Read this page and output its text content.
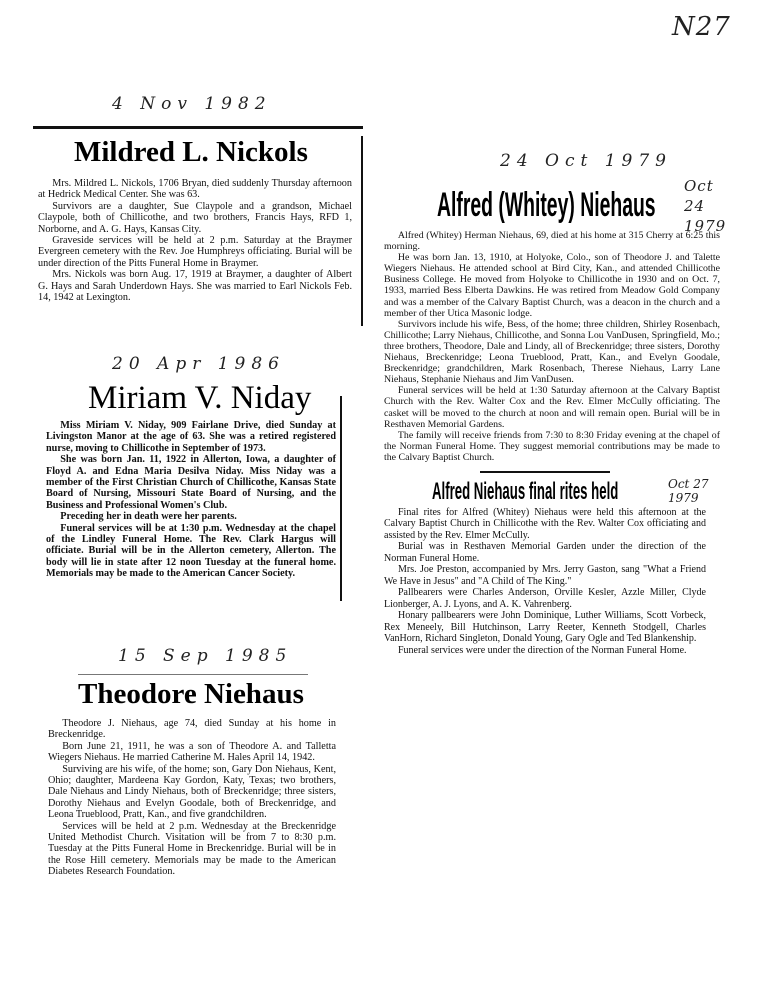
N27
4 Nov 1982
Mildred L. Nickols

Mrs. Mildred L. Nickols, 1706 Bryan, died suddenly Thursday afternoon at Hedrick Medical Center. She was 63.

Survivors are a daughter, Sue Claypole and a grandson, Michael Claypole, both of Chillicothe, and two brothers, Francis Hays, RFD 1, Norborne, and A. G. Hays, Kansas City.

Graveside services will be held at 2 p.m. Saturday at the Braymer Evergreen cemetery with the Rev. Joe Humphreys officiating. Burial will be under direction of the Pitts Funeral Home in Braymer.

Mrs. Nickols was born Aug. 17, 1919 at Braymer, a daughter of Albert G. Hays and Sarah Underdown Hays. She was married to Earl Nickols Feb. 14, 1942 at Lexington.

20 Apr 1986
Miriam V. Niday

Miss Miriam V. Niday, 909 Fairlane Drive, died Sunday at Livingston Manor at the age of 63. She was a retired registered nurse, moving to Chillicothe in September of 1973.

She was born Jan. 11, 1922 in Allerton, Iowa, a daughter of Floyd A. and Edna Maria Desilva Niday. Miss Niday was a member of the First Christian Church of Chillicothe, Kansas State Board of Nursing, Missouri State Board of Nursing, and the Business and Professional Women's Club.

Preceding her in death were her parents.

Funeral services will be at 1:30 p.m. Wednesday at the chapel of the Lindley Funeral Home. The Rev. Clark Hargus will officiate. Burial will be in the Allerton cemetery, Allerton. The body will lie in state after 12 noon Tuesday at the funeral home. Memorials may be made to the American Cancer Society.

15 Sep 1985
Theodore Niehaus

Theodore J. Niehaus, age 74, died Sunday at his home in Breckenridge.

Born June 21, 1911, he was a son of Theodore A. and Talletta Wiegers Niehaus. He married Catherine M. Hales April 14, 1942.

Surviving are his wife, of the home; son, Gary Don Niehaus, Kent, Ohio; daughter, Mardeena Kay Gordon, Katy, Texas; two brothers, Dale Niehaus and Lindy Niehaus, both of Breckenridge; three sisters, Dorothy Niehaus and Evelyn Goodale, both of Breckenridge, and Leona Trueblood, Pratt, Kan., and five grandchildren.

Services will be held at 2 p.m. Wednesday at the Breckenridge United Methodist Church. Visitation will be from 7 to 8:30 p.m. Tuesday at the Pitts Funeral Home in Breckenridge. Burial will be in the Rose Hill cemetery. Memorials may be made to the American Diabetes Research Foundation.

24 Oct 1979
Alfred (Whitey) Niehaus Oct 24 1979

Alfred (Whitey) Herman Niehaus, 69, died at his home at 315 Cherry at 6:25 this morning.

He was born Jan. 13, 1910, at Holyoke, Colo., son of Theodore J. and Talette Wiegers Niehaus. He attended school at Bird City, Kan., and attended Chillicothe Business College. He moved from Holyoke to Chillicothe in 1930 and on Oct. 7, 1933, married Bess Elberta Dawkins. He was retired from Meadow Gold Company and was a member of the Calvary Baptist Church, was a deacon in the church and a member of ther Utica Masonic lodge.

Survivors include his wife, Bess, of the home; three children, Shirley Rosenbach, Chillicothe; Larry Niehaus, Chillicothe, and Sonna Lou VanDusen, Springfield, Mo.; three brothers, Theodore, Dale and Lindy, all of Breckenridge; three sisters, Dorothy Niehaus, Breckenridge; Leona Trueblood, Pratt, Kan., and Evelyn Goodale, Breckenridge; grandchildren, Mark Rosenbach, Therese Niehaus, Larry Lane Niehaus, Stephanie Niehaus and Jim VanDusen.

Funeral services will be held at 1:30 Saturday afternoon at the Calvary Baptist Church with the Rev. Walter Cox and the Rev. Elmer McCully officiating. The casket will be moved to the church at noon and will remain open. Burial will be in Resthaven Memorial Gardens.

The family will receive friends from 7:30 to 8:30 Friday evening at the chapel of the Norman Funeral Home. They suggest memorial contributions may be made to the Calvary Baptist Church.

Alfred Niehaus final rites held	Oct 27 1979

Final rites for Alfred (Whitey) Niehaus were held this afternoon at the Calvary Baptist Church in Chillicothe with the Rev. Walter Cox officiating and assisted by the Rev. Elmer McCully.

Burial was in Resthaven Memorial Garden under the direction of the Norman Funeral Home.

Mrs. Joe Preston, accompanied by Mrs. Jerry Gaston, sang "What a Friend We Have in Jesus" and "A Child of The King."

Pallbearers were Charles Anderson, Orville Kesler, Azzle Miller, Clyde Lionberger, A. J. Lyons, and A. K. Vahrenberg.

Honary pallbearers were John Dominique, Luther Williams, Scott Vorbeck, Rex Meneely, Bill Hutchinson, Larry Reeter, Kenneth Stodgell, Charles VanHorn, Richard Singleton, Donald Young, Gary Ogle and Ted Blankenship.

Funeral services were under the direction of the Norman Funeral Home.
